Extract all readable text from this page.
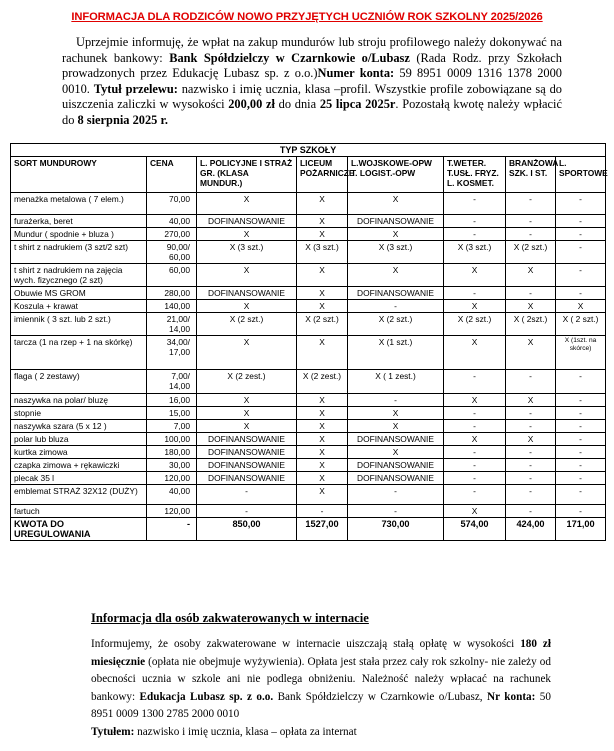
INFORMACJA DLA RODZICÓW NOWO PRZYJĘTYCH UCZNIÓW ROK SZKOLNY 2025/2026

Uprzejmie informuję, że wpłat na zakup mundurów lub stroju profilowego należy dokonywać na rachunek bankowy: Bank Spółdzielczy w Czarnkowie o/Lubasz (Rada Rodz. przy Szkołach prowadzonych przez Edukację Lubasz sp. z o.o.)Numer konta: 59 8951 0009 1316 1378 2000 0010. Tytuł przelewu: nazwisko i imię ucznia, klasa –profil. Wszystkie profile zobowiązane są do uiszczenia zaliczki w wysokości 200,00 zł do dnia 25 lipca 2025r. Pozostałą kwotę należy wpłacić do 8 sierpnia 2025 r.

TYP SZKOŁY							
SORT MUNDUROWY	CENA	L. POLICYJNE I STRAŻ GR. (KLASA MUNDUR.)	LICEUM POŻARNICZE	L.WOJSKOWE-OPW T. LOGIST.-OPW	T.WETER. T.USŁ. FRYZ. L. KOSMET.	BRANŻOWA SZK. I ST.	L. SPORTOWE
menażka metalowa ( 7 elem.)	70,00	X	X	X	-	-	-
furażerka, beret	40,00	DOFINANSOWANIE	X	DOFINANSOWANIE	-	-	-
Mundur ( spodnie + bluza )	270,00	X	X	X	-	-	-
t shirt z nadrukiem (3 szt/2 szt)	90,00/ 60,00	X (3 szt.)	X (3 szt.)	X (3 szt.)	X (3 szt.)	X (2 szt.)	-
t shirt z nadrukiem na zajęcia wych. fizycznego (2 szt)	60,00	X	X	X	X	X	-
Obuwie MS GROM	280,00	DOFINANSOWANIE	X	DOFINANSOWANIE	-	-	-
Koszula + krawat	140,00	X	X	-	X	X	X
imiennik ( 3 szt. lub 2 szt.)	21,00/ 14,00	X (2 szt.)	X (2 szt.)	X (2 szt.)	X (2 szt.)	X ( 2szt.)	X ( 2 szt.)
tarcza (1 na rzep + 1 na skórkę)	34,00/ 17,00	X	X	X (1 szt.)	X	X	X (1szt. na skórce)
flaga ( 2 zestawy)	7,00/ 14,00	X (2 zest.)	X (2 zest.)	X ( 1 zest.)	-	-	-
naszywka na polar/ bluzę	16,00	X	X	-	X	X	-
stopnie	15,00	X	X	X	-	-	-
naszywka szara (5 x 12 )	7,00	X	X	X	-	-	-
polar lub bluza	100,00	DOFINANSOWANIE	X	DOFINANSOWANIE	X	X	-
kurtka zimowa	180,00	DOFINANSOWANIE	X	X	-	-	-
czapka zimowa + rękawiczki	30,00	DOFINANSOWANIE	X	DOFINANSOWANIE	-	-	-
plecak 35 l	120,00	DOFINANSOWANIE	X	DOFINANSOWANIE	-	-	-
emblemat STRAŻ 32X12 (DUŻY)	40,00	-	X	-	-	-	-
fartuch	120,00	-	-	-	X	-	-
KWOTA DO UREGULOWANIA	-	850,00	1527,00	730,00	574,00	424,00	171,00
Informacja dla osób zakwaterowanych w internacie

Informujemy, że osoby zakwaterowane w internacie uiszczają stałą opłatę w wysokości 180 zł miesięcznie (opłata nie obejmuje wyżywienia). Opłata jest stała przez cały rok szkolny- nie zależy od obecności ucznia w szkole ani nie podlega obniżeniu. Należność należy wpłacać na rachunek bankowy: Edukacja Lubasz sp. z o.o. Bank Spółdzielczy w Czarnkowie o/Lubasz, Nr konta: 50 8951 0009 1300 2785 2000 0010

Tytułem: nazwisko i imię ucznia, klasa – opłata za internat
